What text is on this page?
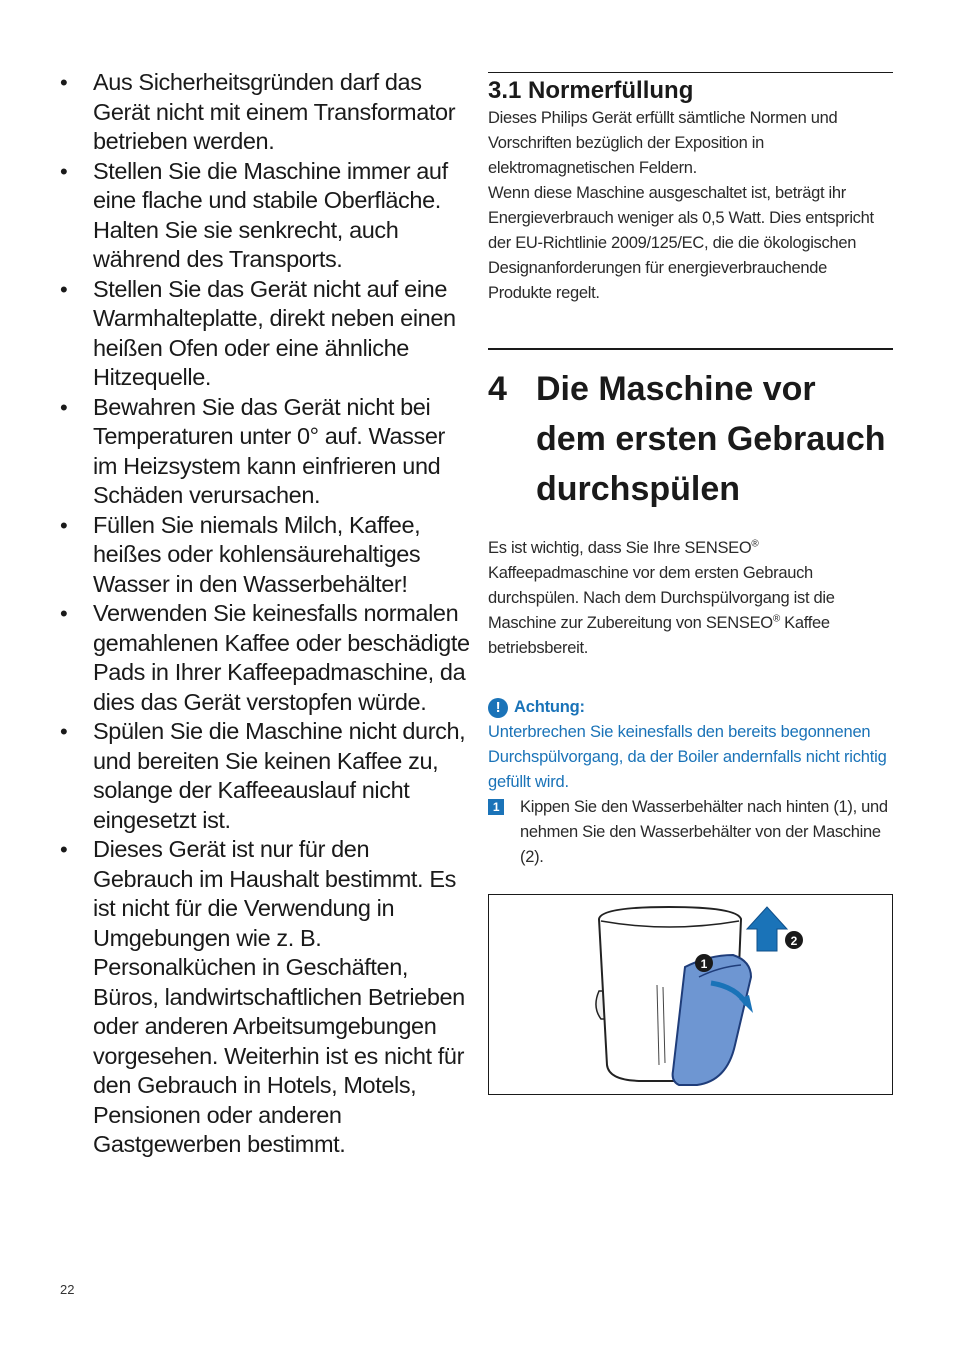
• Aus Sicherheitsgründen darf das Gerät nicht mit einem Transformator betrieben werden.
• Stellen Sie die Maschine immer auf eine flache und stabile Oberfläche. Halten Sie sie senkrecht, auch während des Transports.
• Stellen Sie das Gerät nicht auf eine Warmhalteplatte, direkt neben einen heißen Ofen oder eine ähnliche Hitzequelle.
• Bewahren Sie das Gerät nicht bei Temperaturen unter 0° auf. Wasser im Heizsystem kann einfrieren und Schäden verursachen.
• Füllen Sie niemals Milch, Kaffee, heißes oder kohlensäurehaltiges Wasser in den Wasserbehälter!
• Verwenden Sie keinesfalls normalen gemahlenen Kaffee oder beschädigte Pads in Ihrer Kaffeepadmaschine, da dies das Gerät verstopfen würde.
• Spülen Sie die Maschine nicht durch, und bereiten Sie keinen Kaffee zu, solange der Kaffeeauslauf nicht eingesetzt ist.
• Dieses Gerät ist nur für den Gebrauch im Haushalt bestimmt. Es ist nicht für die Verwendung in Umgebungen wie z. B. Personalküchen in Geschäften, Büros, landwirtschaftlichen Betrieben oder anderen Arbeitsumgebungen vorgesehen. Weiterhin ist es nicht für den Gebrauch in Hotels, Motels, Pensionen oder anderen Gastgewerben bestimmt.
22
3.1 Normerfüllung

Dieses Philips Gerät erfüllt sämtliche Normen und Vorschriften bezüglich der Exposition in elektromagnetischen Feldern.

Wenn diese Maschine ausgeschaltet ist, beträgt ihr Energieverbrauch weniger als 0,5 Watt. Dies entspricht der EU-Richtlinie 2009/125/EC, die die ökologischen Designanforderungen für energieverbrauchende Produkte regelt.

4 Die Maschine vor dem ersten Gebrauch durchspülen

Es ist wichtig, dass Sie Ihre SENSEO® Kaffeepadmaschine vor dem ersten Gebrauch durchspülen. Nach dem Durchspülvorgang ist die Maschine zur Zubereitung von SENSEO® Kaffee betriebsbereit.

! Achtung:
Unterbrechen Sie keinesfalls den bereits begonnenen Durchspülvorgang, da der Boiler andernfalls nicht richtig gefüllt wird.
1 Kippen Sie den Wasserbehälter nach hinten (1), und nehmen Sie den Wasserbehälter von der Maschine (2).
1
2
